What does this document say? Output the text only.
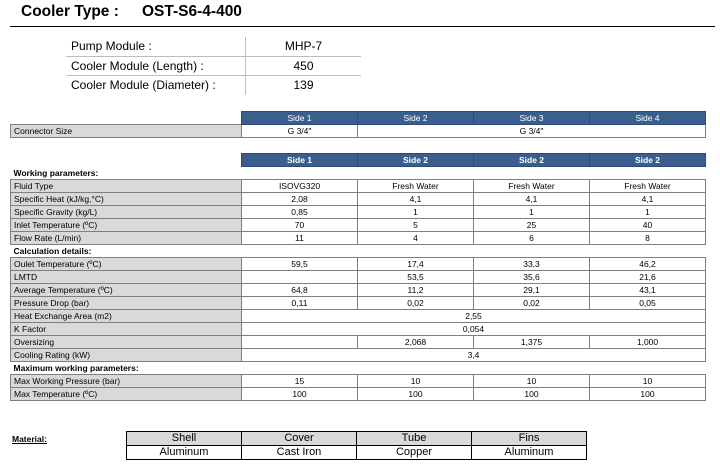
Cooler Type : OST-S6-4-400
Pump Module :	MHP-7
Cooler Module (Length) :	450
Cooler Module (Diameter) :	139
	Side 1	Side 2	Side 3	Side 4
Connector Size	G 3/4"	G 3/4"		
	Side 1	Side 2	Side 2	Side 2
Working parameters:				
Fluid Type	ISOVG320	Fresh Water	Fresh Water	Fresh Water
Specific Heat (kJ/kg,°C)	2,08	4,1	4,1	4,1
Specific Gravity (kg/L)	0,85	1	1	1
Inlet Temperature (ºC)	70	5	25	40
Flow Rate (L/min)	11	4	6	8
Calculation details:				
Oulet Temperature (ºC)	59,5	17,4	33,3	46,2
LMTD		53,5	35,6	21,6
Average Temperature (ºC)	64,8	11,2	29,1	43,1
Pressure Drop (bar)	0,11	0,02	0,02	0,05
Heat Exchange Area (m2)	2,55			
K Factor	0,054			
Oversizing		2,068	1,375	1,000
Cooling Rating (kW)	3,4			
Maximum working parameters:				
Max Working Pressure (bar)	15	10	10	10
Max Temperature (ºC)	100	100	100	100
Material:	Shell	Cover	Tube	Fins
Aluminum	Cast Iron	Copper	Aluminum
